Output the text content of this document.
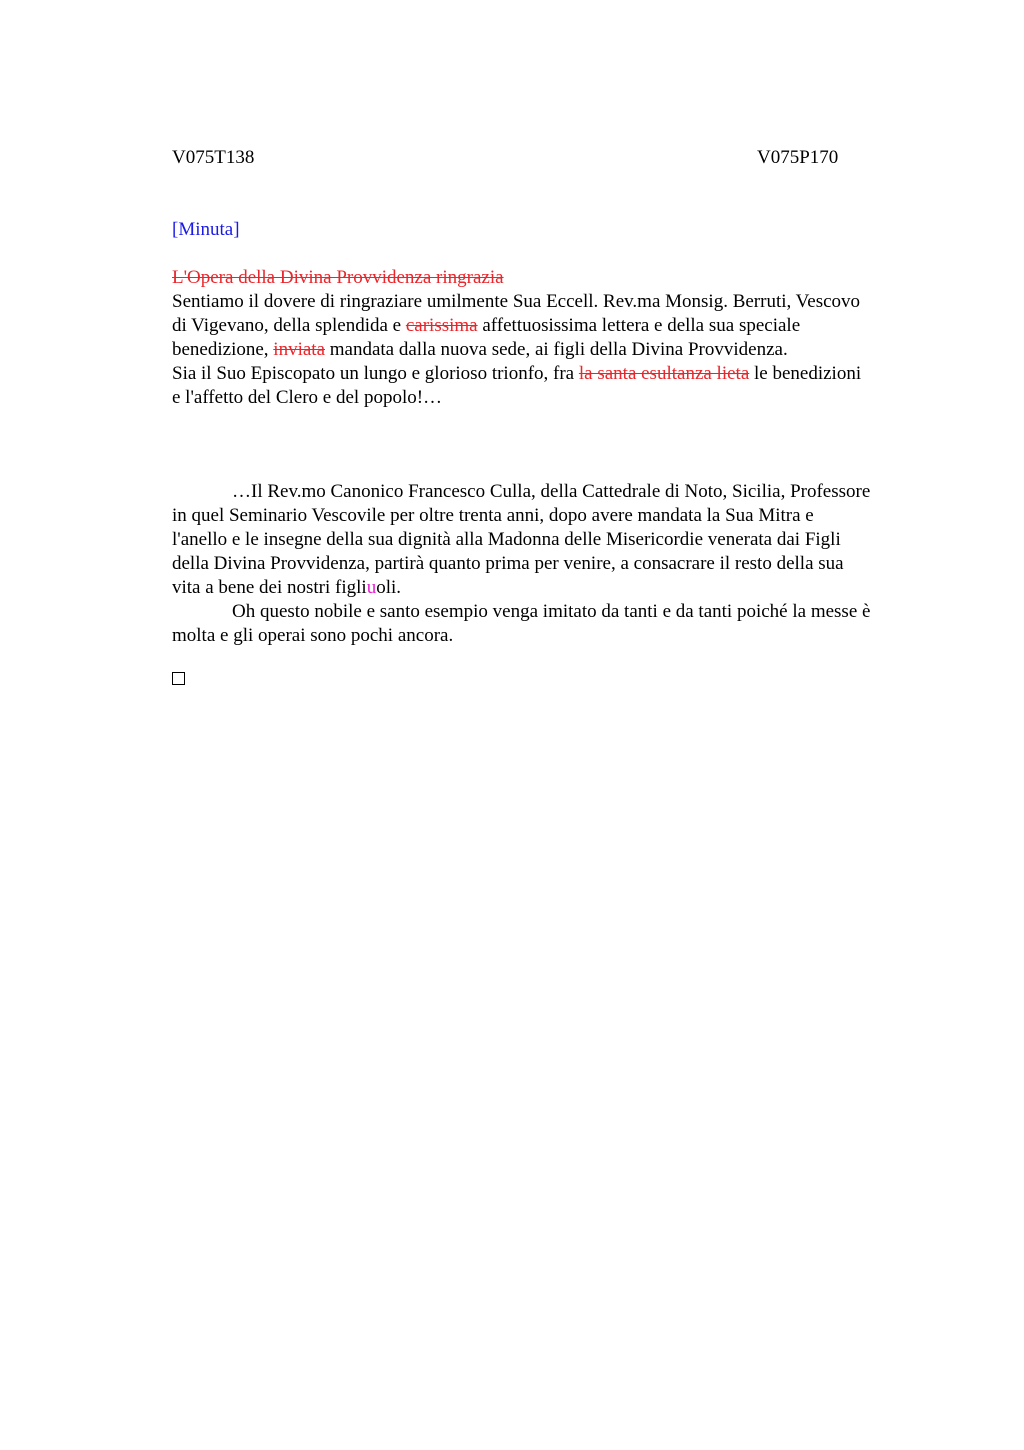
V075T138	V075P170
[Minuta]
L'Opera della Divina Provvidenza ringrazia
Sentiamo il dovere di ringraziare umilmente Sua Eccell. Rev.ma Monsig. Berruti, Vescovo
di Vigevano, della splendida e carissima affettuosissima lettera e della sua speciale
benedizione, inviata mandata dalla nuova sede, ai figli della Divina Provvidenza.
Sia il Suo Episcopato un lungo e glorioso trionfo, fra la santa esultanza lieta le benedizioni
e l'affetto del Clero e del popolo!…
…Il Rev.mo Canonico Francesco Culla, della Cattedrale di Noto, Sicilia, Professore
in quel Seminario Vescovile per oltre trenta anni, dopo avere mandata la Sua Mitra e
l'anello e le insegne della sua dignità alla Madonna delle Misericordie venerata dai Figli
della Divina Provvidenza, partirà quanto prima per venire, a consacrare il resto della sua
vita a bene dei nostri figliuoli.
Oh questo nobile e santo esempio venga imitato da tanti e da tanti poiché la messe è
molta e gli operai sono pochi ancora.
